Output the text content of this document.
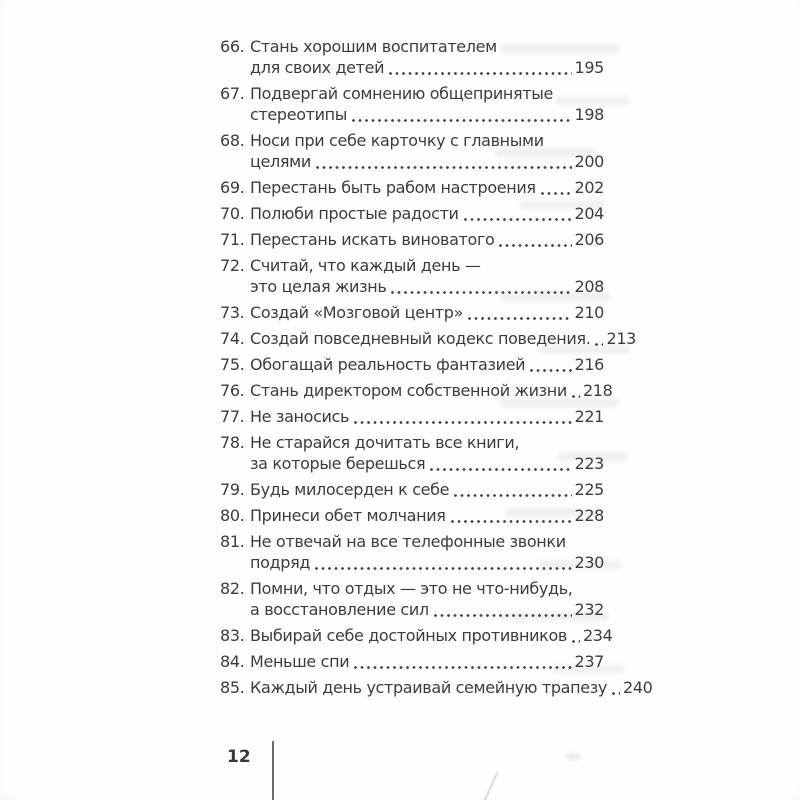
66. Стань хорошим воспитателем
для своих детей	195
67. Подвергай сомнению общепринятые
стереотипы	198
68. Носи при себе карточку с главными
целями	200
69. Перестань быть рабом настроения 202
70. Полюби простые радости	204
71. Перестань искать виноватого	206
72. Считай, что каждый день —
это целая жизнь	208
73. Создай «Мозговой центр»	210
74. Создай повседневный кодекс поведения. 213
75. Обогащай реальность фантазией	216
76. Стань директором собственной жизни 218
77. Не заносись	221
78. Не старайся дочитать все книги,
за которые берешься	223
79. Будь милосерден к себе	225
80. Принеси обет молчания	228
81. Не отвечай на все телефонные звонки
подряд	230
82. Помни, что отдых — это не что-нибудь,
а восстановление сил	232
83. Выбирай себе достойных противников 234
84. Меньше спи	237
85. Каждый день устраивай семейную трапезу 240
12
